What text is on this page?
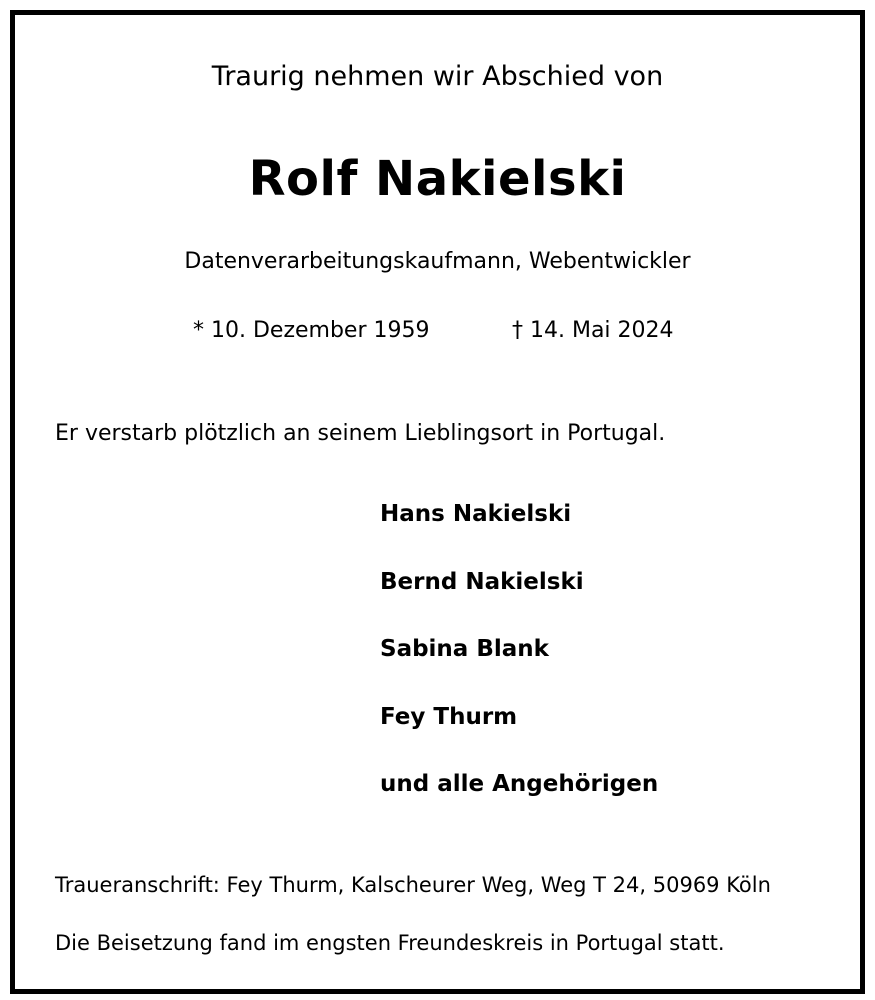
Traurig nehmen wir Abschied von
Rolf Nakielski
Datenverarbeitungskaufmann, Webentwickler
* 10. Dezember 1959	† 14. Mai 2024
Er verstarb plötzlich an seinem Lieblingsort in Portugal.
Hans Nakielski
Bernd Nakielski
Sabina Blank
Fey Thurm
und alle Angehörigen
Traueranschrift: Fey Thurm, Kalscheurer Weg, Weg T 24, 50969 Köln
Die Beisetzung fand im engsten Freundeskreis in Portugal statt.
